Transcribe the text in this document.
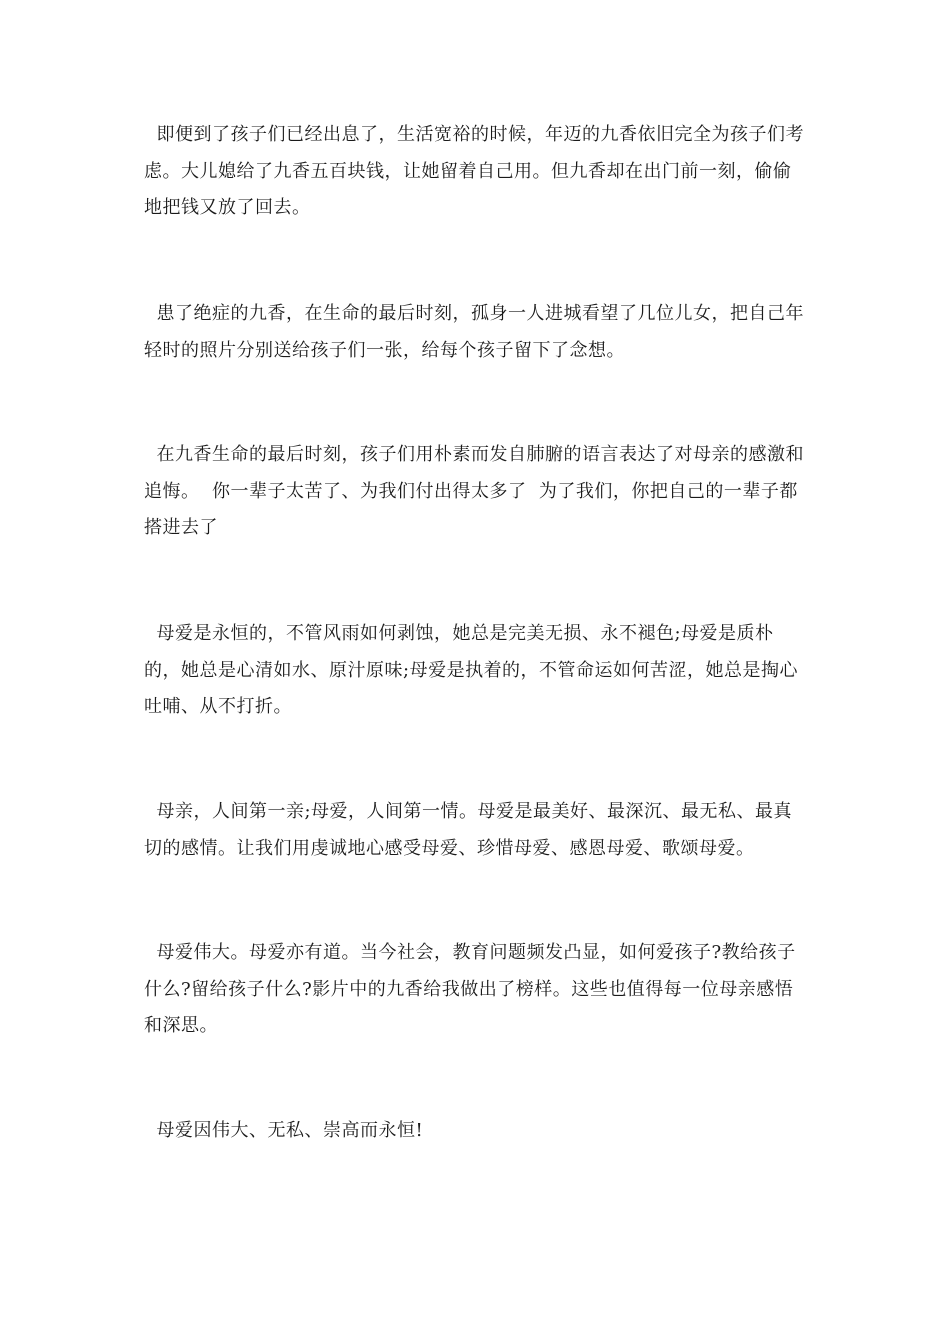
即便到了孩子们已经出息了，生活宽裕的时候，年迈的九香依旧完全为孩子们考虑。大儿媳给了九香五百块钱，让她留着自己用。但九香却在出门前一刻，偷偷地把钱又放了回去。

患了绝症的九香，在生命的最后时刻，孤身一人进城看望了几位儿女，把自己年轻时的照片分别送给孩子们一张，给每个孩子留下了念想。

在九香生命的最后时刻，孩子们用朴素而发自肺腑的语言表达了对母亲的感激和追悔。  你一辈子太苦了、为我们付出得太多了  为了我们，你把自己的一辈子都搭进去了

母爱是永恒的，不管风雨如何剥蚀，她总是完美无损、永不褪色;母爱是质朴的，她总是心清如水、原汁原味;母爱是执着的，不管命运如何苦涩，她总是掏心吐哺、从不打折。

母亲，人间第一亲;母爱，人间第一情。母爱是最美好、最深沉、最无私、最真切的感情。让我们用虔诚地心感受母爱、珍惜母爱、感恩母爱、歌颂母爱。

母爱伟大。母爱亦有道。当今社会，教育问题频发凸显，如何爱孩子?教给孩子什么?留给孩子什么?影片中的九香给我做出了榜样。这些也值得每一位母亲感悟和深思。

母爱因伟大、无私、崇高而永恒!
